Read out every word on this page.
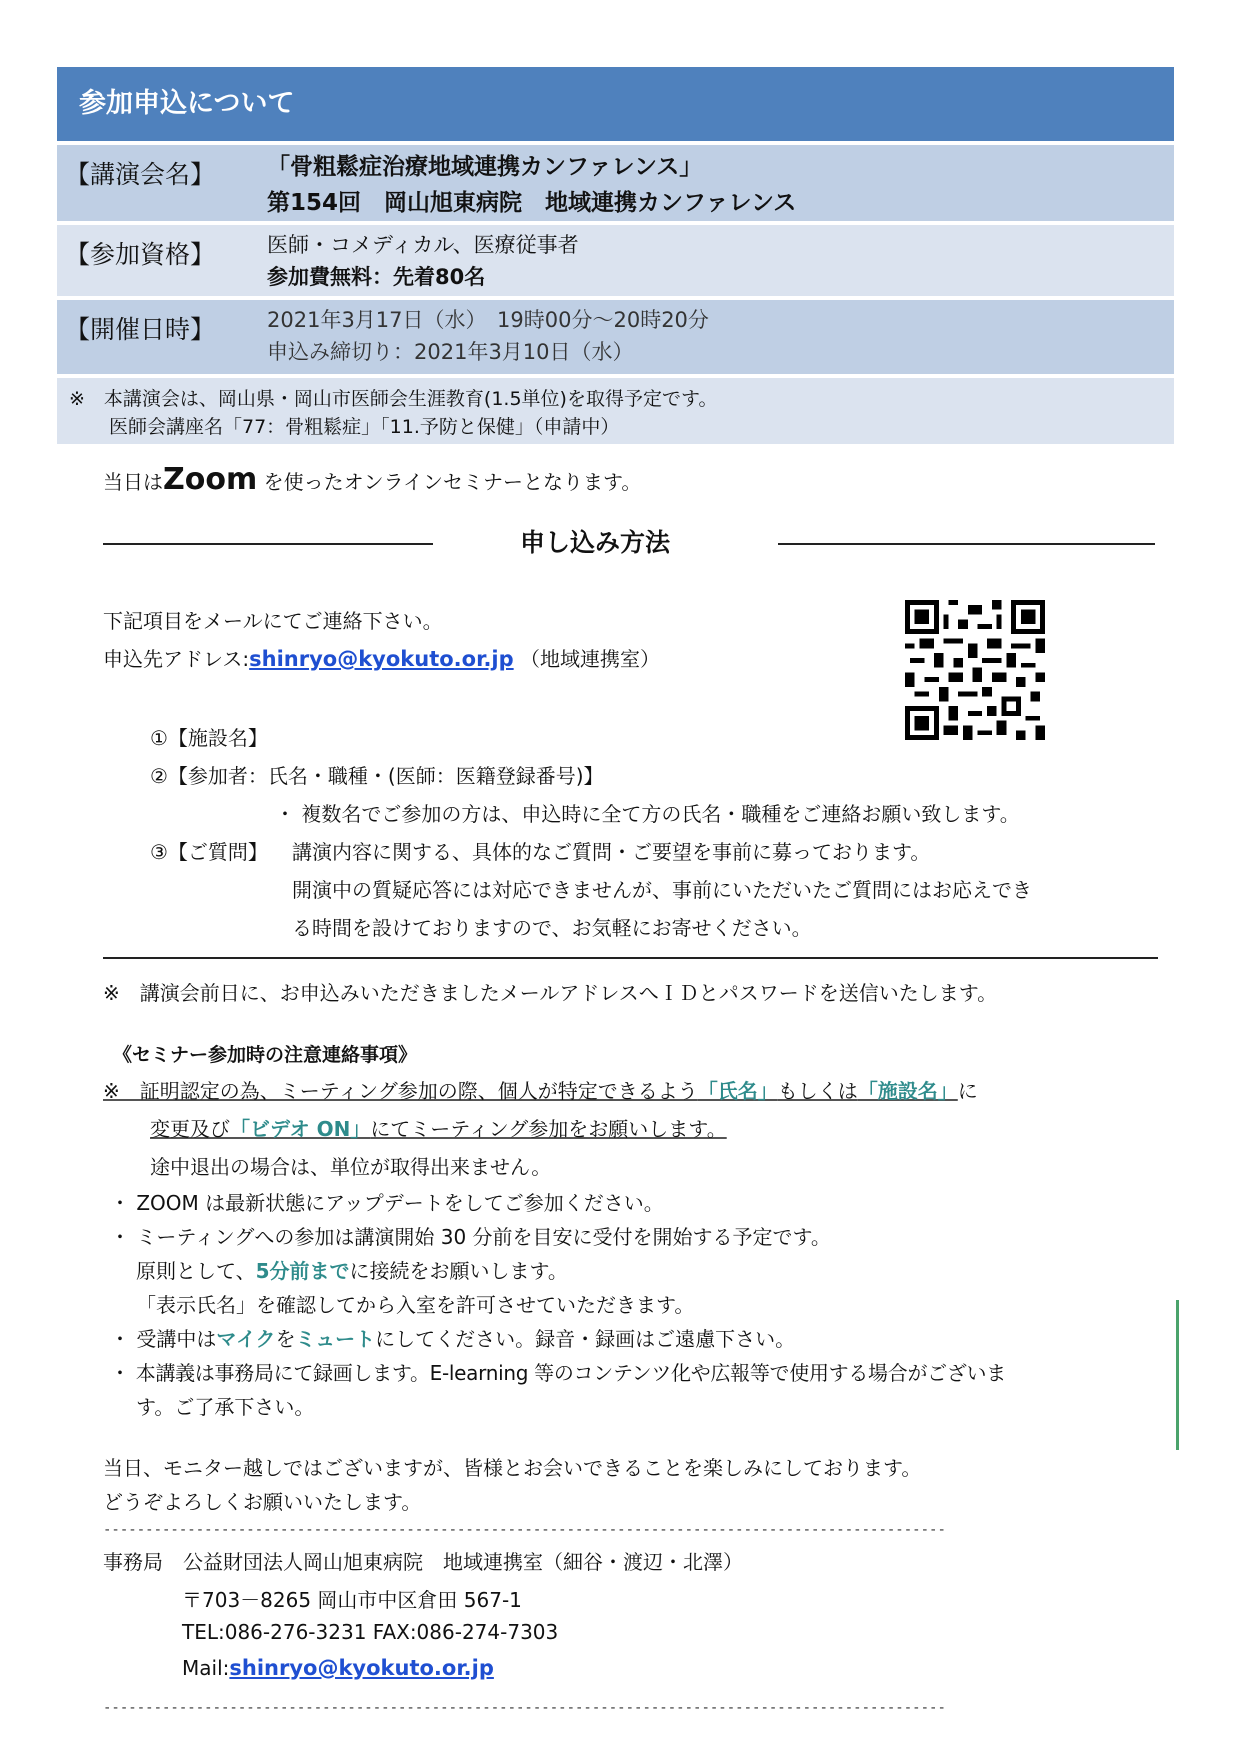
参加申込について
【講演会名】 「骨粗鬆症治療地域連携カンファレンス」
第154回　岡山旭東病院　地域連携カンファレンス
【参加資格】 医師・コメディカル、医療従事者
参加費無料：先着80名
【開催日時】 2021年3月17日（水）　19時00分～20時20分
申込み締切り：2021年3月10日（水）
※　本講演会は、岡山県・岡山市医師会生涯教育(1.5単位)を取得予定です。
医師会講座名「77：骨粗鬆症」「11.予防と保健」（申請中）
当日はZoom を使ったオンラインセミナーとなります。
申し込み方法
下記項目をメールにてご連絡下さい。
申込先アドレス:shinryo@kyokuto.or.jp （地域連携室）
①【施設名】
②【参加者：氏名・職種・(医師：医籍登録番号)】
・ 複数名でご参加の方は、申込時に全て方の氏名・職種をご連絡お願い致します。
③【ご質問】 講演内容に関する、具体的なご質問・ご要望を事前に募っております。
開演中の質疑応答には対応できませんが、事前にいただいたご質問にはお応えでき
る時間を設けておりますので、お気軽にお寄せください。
※　講演会前日に、お申込みいただきましたメールアドレスへＩＤとパスワードを送信いたします。
《セミナー参加時の注意連絡事項》
※　証明認定の為、ミーティング参加の際、個人が特定できるよう「氏名」もしくは「施設名」に
変更及び「ビデオ ON」にてミーティング参加をお願いします。
途中退出の場合は、単位が取得出来ません。
・ ZOOM は最新状態にアップデートをしてご参加ください。
・ ミーティングへの参加は講演開始 30 分前を目安に受付を開始する予定です。
原則として、5分前までに接続をお願いします。
「表示氏名」を確認してから入室を許可させていただきます。
・ 受講中はマイクをミュートにしてください。録音・録画はご遠慮下さい。
・ 本講義は事務局にて録画します。E-learning 等のコンテンツ化や広報等で使用する場合がございま
す。ご了承下さい。
当日、モニター越しではございますが、皆様とお会いできることを楽しみにしております。
どうぞよろしくお願いいたします。
----------------------------------------------------------------------------------------------------
事務局　公益財団法人岡山旭東病院　地域連携室（細谷・渡辺・北澤）
〒703－8265 岡山市中区倉田 567-1
TEL:086-276-3231 FAX:086-274-7303
Mail:shinryo@kyokuto.or.jp
----------------------------------------------------------------------------------------------------
